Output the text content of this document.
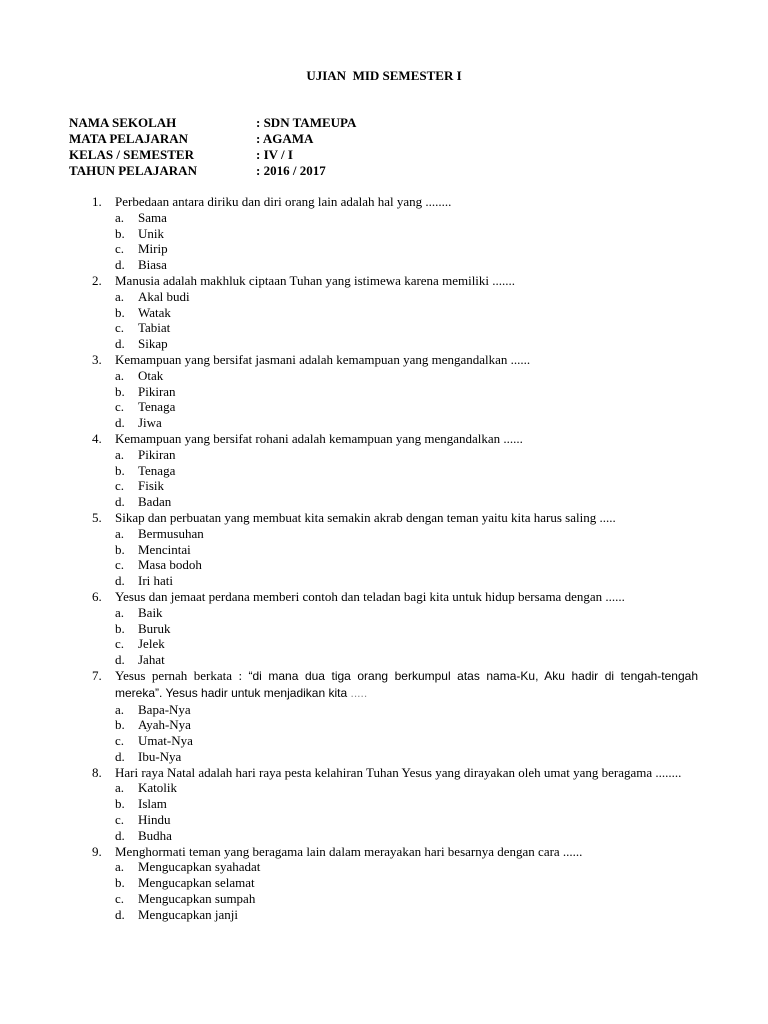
UJIAN  MID SEMESTER I
NAMA SEKOLAH	: SDN TAMEUPA
MATA PELAJARAN	: AGAMA
KELAS / SEMESTER	: IV / I
TAHUN PELAJARAN	: 2016 / 2017
1. Perbedaan antara diriku dan diri orang lain adalah hal yang ........
a. Sama
b. Unik
c. Mirip
d. Biasa
2. Manusia adalah makhluk ciptaan Tuhan yang istimewa karena memiliki .......
a. Akal budi
b. Watak
c. Tabiat
d. Sikap
3. Kemampuan yang bersifat jasmani adalah kemampuan yang mengandalkan ......
a. Otak
b. Pikiran
c. Tenaga
d. Jiwa
4. Kemampuan yang bersifat rohani adalah kemampuan yang mengandalkan ......
a. Pikiran
b. Tenaga
c. Fisik
d. Badan
5. Sikap dan perbuatan yang membuat kita semakin akrab dengan teman yaitu kita harus saling .....
a. Bermusuhan
b. Mencintai
c. Masa bodoh
d. Iri hati
6. Yesus dan jemaat perdana memberi contoh dan teladan bagi kita untuk hidup bersama dengan ......
a. Baik
b. Buruk
c. Jelek
d. Jahat
7. Yesus pernah berkata : “di mana dua tiga orang berkumpul atas nama-Ku, Aku hadir di tengah-tengah mereka”. Yesus hadir untuk menjadikan kita .....
a. Bapa-Nya
b. Ayah-Nya
c. Umat-Nya
d. Ibu-Nya
8. Hari raya Natal adalah hari raya pesta kelahiran Tuhan Yesus yang dirayakan oleh umat yang beragama ........
a. Katolik
b. Islam
c. Hindu
d. Budha
9. Menghormati teman yang beragama lain dalam merayakan hari besarnya dengan cara ......
a. Mengucapkan syahadat
b. Mengucapkan selamat
c. Mengucapkan sumpah
d. Mengucapkan janji
